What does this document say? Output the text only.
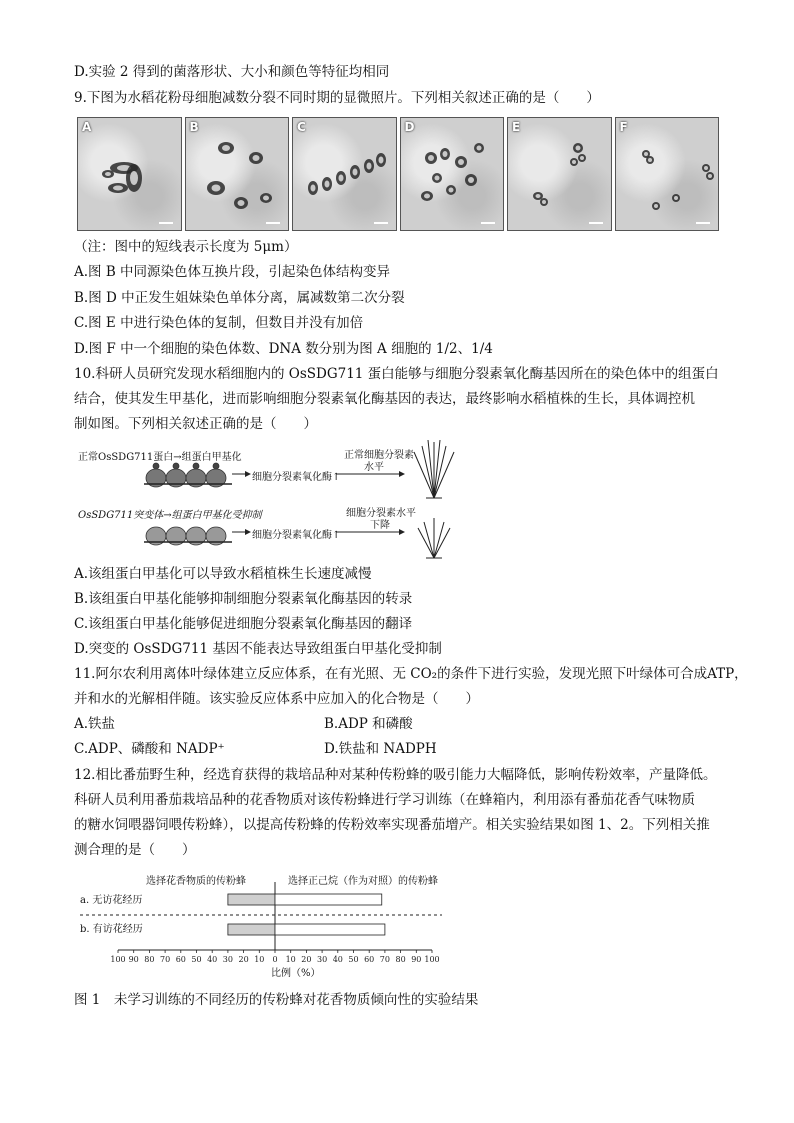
D.实验 2 得到的菌落形状、大小和颜色等特征均相同
9.下图为水稻花粉母细胞减数分裂不同时期的显微照片。下列相关叙述正确的是（　　）
A	B	C	D	E	F
（注：图中的短线表示长度为 5μm）
A.图 B 中同源染色体互换片段，引起染色体结构变异
B.图 D 中正发生姐妹染色单体分离，属减数第二次分裂
C.图 E 中进行染色体的复制，但数目并没有加倍
D.图 F 中一个细胞的染色体数、DNA 数分别为图 A 细胞的 1/2、1/4
10.科研人员研究发现水稻细胞内的 OsSDG711 蛋白能够与细胞分裂素氧化酶基因所在的染色体中的组蛋白
结合，使其发生甲基化，进而影响细胞分裂素氧化酶基因的表达，最终影响水稻植株的生长，具体调控机
制如图。下列相关叙述正确的是（　　）
正常OsSDG711蛋白→组蛋白甲基化
细胞分裂素氧化酶↑
正常细胞分裂素
水平
OsSDG711突变体→组蛋白甲基化受抑制
细胞分裂素氧化酶↑
细胞分裂素水平
下降
A.该组蛋白甲基化可以导致水稻植株生长速度减慢
B.该组蛋白甲基化能够抑制细胞分裂素氧化酶基因的转录
C.该组蛋白甲基化能够促进细胞分裂素氧化酶基因的翻译
D.突变的 OsSDG711 基因不能表达导致组蛋白甲基化受抑制
11.阿尔农利用离体叶绿体建立反应体系，在有光照、无 CO₂的条件下进行实验，发现光照下叶绿体可合成ATP，
并和水的光解相伴随。该实验反应体系中应加入的化合物是（　　）
A.铁盐	B.ADP 和磷酸
C.ADP、磷酸和 NADP⁺	D.铁盐和 NADPH
12.相比番茄野生种，经选育获得的栽培品种对某种传粉蜂的吸引能力大幅降低，影响传粉效率，产量降低。
科研人员利用番茄栽培品种的花香物质对该传粉蜂进行学习训练（在蜂箱内，利用添有番茄花香气味物质
的糖水饲喂器饲喂传粉蜂），以提高传粉蜂的传粉效率实现番茄增产。相关实验结果如图 1、2。下列相关推
测合理的是（　　）
选择花香物质的传粉蜂	选择正己烷（作为对照）的传粉蜂
a. 无访花经历
b. 有访花经历
100 90 80 70 60 50 40 30 20 10 0 10 20 30 40 50 60 70 80 90 100
比例（%）
图 1　未学习训练的不同经历的传粉蜂对花香物质倾向性的实验结果
